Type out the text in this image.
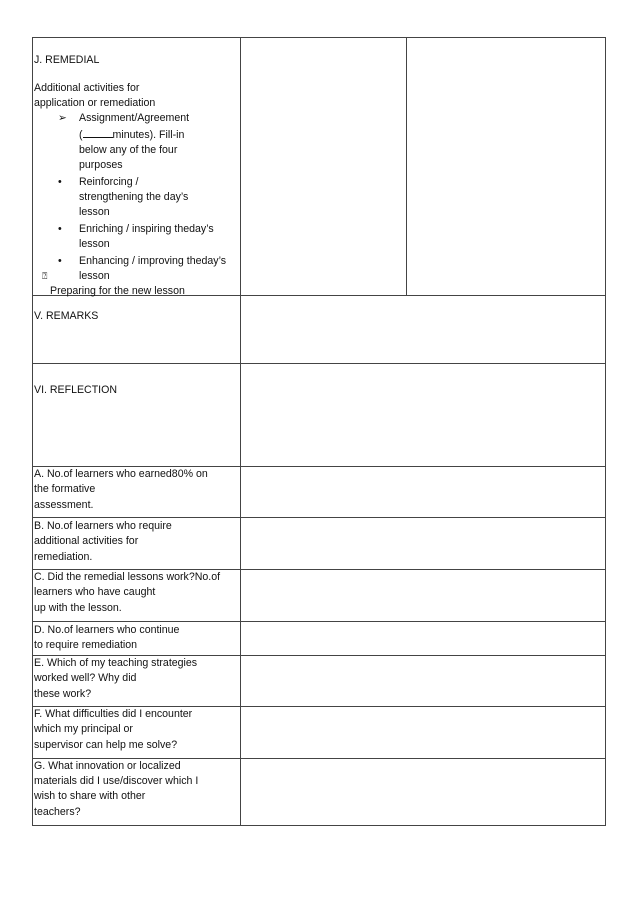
J. REMEDIAL

Additional activities for

application or remediation

➢ Assignment/Agreement
(	minutes). Fill-in
below any of the four
purposes
• Reinforcing /
strengthening the day’s
lesson
• Enriching / inspiring theday’s
lesson
•
⍰
Enhancing / improving theday’s
lesson

Preparing for the new lesson

V. REMARKS
VI. REFLECTION

A. No.of learners who earned80% on

the formative

assessment.

B. No.of learners who require

additional activities for

remediation.

C. Did the remedial lessons work?No.of

learners who have caught

up with the lesson.

D. No.of learners who continue

to require remediation

E. Which of my teaching strategies

worked well? Why did

these work?

F. What difficulties did I encounter

which my principal or

supervisor can help me solve?

G. What innovation or localized

materials did I use/discover which I

wish to share with other

teachers?
